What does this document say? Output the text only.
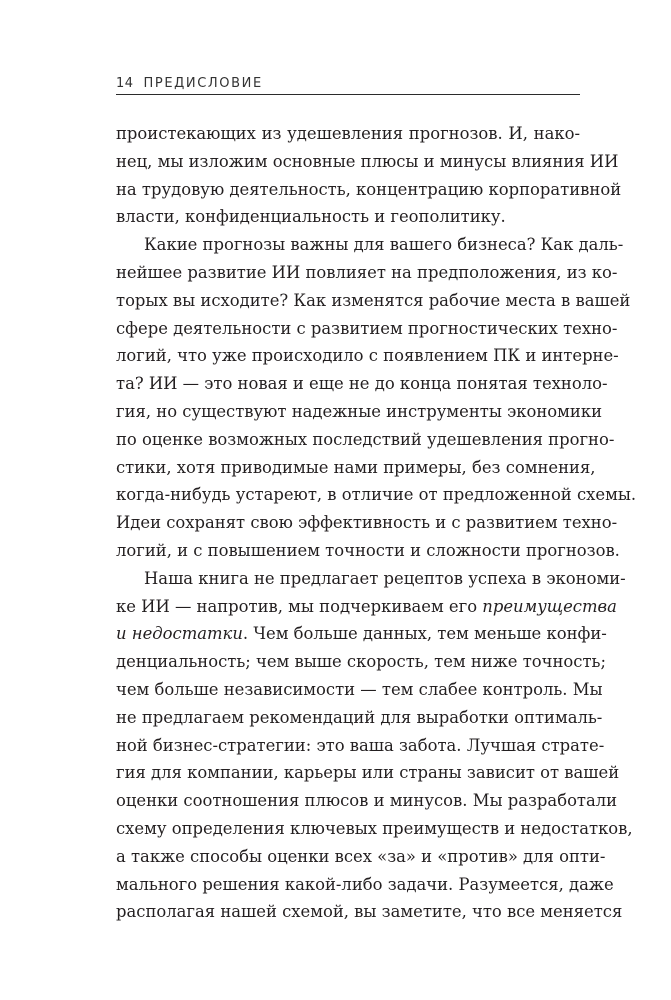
14 ПРЕДИСЛОВИЕ
проистекающих из удешевления прогнозов. И, нако-
нец, мы изложим основные плюсы и минусы влияния ИИ
на трудовую деятельность, концентрацию корпоративной
власти, конфиденциальность и геополитику.
Какие прогнозы важны для вашего бизнеса? Как даль-
нейшее развитие ИИ повлияет на предположения, из ко-
торых вы исходите? Как изменятся рабочие места в вашей
сфере деятельности с развитием прогностических техно-
логий, что уже происходило с появлением ПК и интерне-
та? ИИ — это новая и еще не до конца понятая техноло-
гия, но существуют надежные инструменты экономики
по оценке возможных последствий удешевления прогно-
стики, хотя приводимые нами примеры, без сомнения,
когда-нибудь устареют, в отличие от предложенной схемы.
Идеи сохранят свою эффективность и с развитием техно-
логий, и с повышением точности и сложности прогнозов.
Наша книга не предлагает рецептов успеха в экономи-
ке ИИ — напротив, мы подчеркиваем его преимущества
и недостатки. Чем больше данных, тем меньше конфи-
денциальность; чем выше скорость, тем ниже точность;
чем больше независимости — тем слабее контроль. Мы
не предлагаем рекомендаций для выработки оптималь-
ной бизнес-стратегии: это ваша забота. Лучшая страте-
гия для компании, карьеры или страны зависит от вашей
оценки соотношения плюсов и минусов. Мы разработали
схему определения ключевых преимуществ и недостатков,
а также способы оценки всех «за» и «против» для опти-
мального решения какой-либо задачи. Разумеется, даже
располагая нашей схемой, вы заметите, что все меняется
